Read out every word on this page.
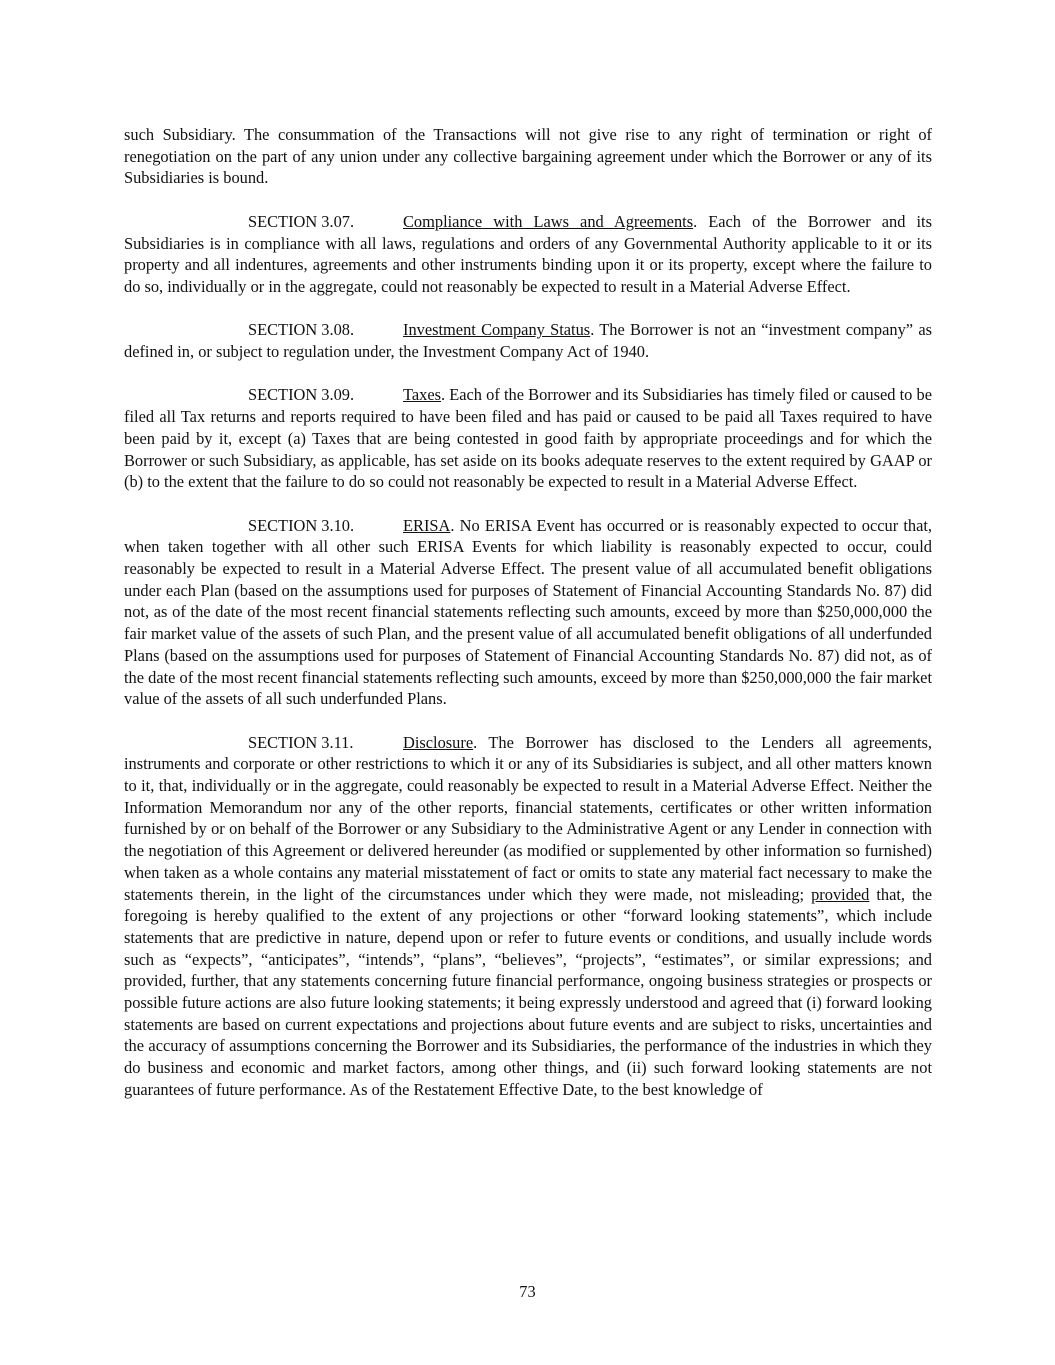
such Subsidiary. The consummation of the Transactions will not give rise to any right of termination or right of renegotiation on the part of any union under any collective bargaining agreement under which the Borrower or any of its Subsidiaries is bound.

SECTION 3.07.	Compliance with Laws and Agreements. Each of the Borrower and its Subsidiaries is in compliance with all laws, regulations and orders of any Governmental Authority applicable to it or its property and all indentures, agreements and other instruments binding upon it or its property, except where the failure to do so, individually or in the aggregate, could not reasonably be expected to result in a Material Adverse Effect.

SECTION 3.08.	Investment Company Status. The Borrower is not an “investment company” as defined in, or subject to regulation under, the Investment Company Act of 1940.

SECTION 3.09.	Taxes. Each of the Borrower and its Subsidiaries has timely filed or caused to be filed all Tax returns and reports required to have been filed and has paid or caused to be paid all Taxes required to have been paid by it, except (a) Taxes that are being contested in good faith by appropriate proceedings and for which the Borrower or such Subsidiary, as applicable, has set aside on its books adequate reserves to the extent required by GAAP or (b) to the extent that the failure to do so could not reasonably be expected to result in a Material Adverse Effect.

SECTION 3.10.	ERISA. No ERISA Event has occurred or is reasonably expected to occur that, when taken together with all other such ERISA Events for which liability is reasonably expected to occur, could reasonably be expected to result in a Material Adverse Effect. The present value of all accumulated benefit obligations under each Plan (based on the assumptions used for purposes of Statement of Financial Accounting Standards No. 87) did not, as of the date of the most recent financial statements reflecting such amounts, exceed by more than $250,000,000 the fair market value of the assets of such Plan, and the present value of all accumulated benefit obligations of all underfunded Plans (based on the assumptions used for purposes of Statement of Financial Accounting Standards No. 87) did not, as of the date of the most recent financial statements reflecting such amounts, exceed by more than $250,000,000 the fair market value of the assets of all such underfunded Plans.

SECTION 3.11.	Disclosure. The Borrower has disclosed to the Lenders all agreements, instruments and corporate or other restrictions to which it or any of its Subsidiaries is subject, and all other matters known to it, that, individually or in the aggregate, could reasonably be expected to result in a Material Adverse Effect. Neither the Information Memorandum nor any of the other reports, financial statements, certificates or other written information furnished by or on behalf of the Borrower or any Subsidiary to the Administrative Agent or any Lender in connection with the negotiation of this Agreement or delivered hereunder (as modified or supplemented by other information so furnished) when taken as a whole contains any material misstatement of fact or omits to state any material fact necessary to make the statements therein, in the light of the circumstances under which they were made, not misleading; provided that, the foregoing is hereby qualified to the extent of any projections or other “forward looking statements”, which include statements that are predictive in nature, depend upon or refer to future events or conditions, and usually include words such as “expects”, “anticipates”, “intends”, “plans”, “believes”, “projects”, “estimates”, or similar expressions; and provided, further, that any statements concerning future financial performance, ongoing business strategies or prospects or possible future actions are also future looking statements; it being expressly understood and agreed that (i) forward looking statements are based on current expectations and projections about future events and are subject to risks, uncertainties and the accuracy of assumptions concerning the Borrower and its Subsidiaries, the performance of the industries in which they do business and economic and market factors, among other things, and (ii) such forward looking statements are not guarantees of future performance. As of the Restatement Effective Date, to the best knowledge of

73
